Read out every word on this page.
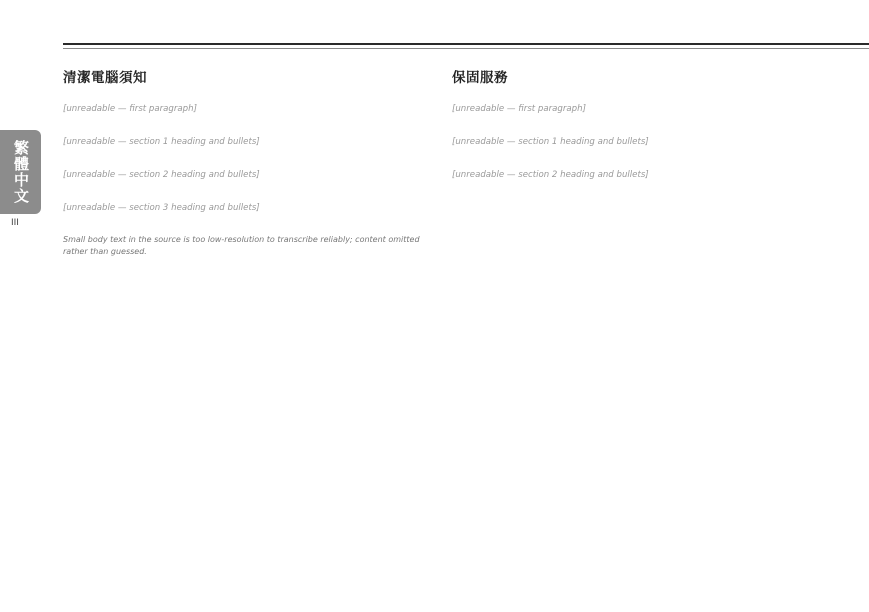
繁體中文
III
清潔電腦須知
[unreadable — first paragraph]
[unreadable — section 1 heading and bullets]
[unreadable — section 2 heading and bullets]
[unreadable — section 3 heading and bullets]
Small body text in the source is too low-resolution to transcribe reliably; content omitted rather than guessed.
保固服務
[unreadable — first paragraph]
[unreadable — section 1 heading and bullets]
[unreadable — section 2 heading and bullets]
